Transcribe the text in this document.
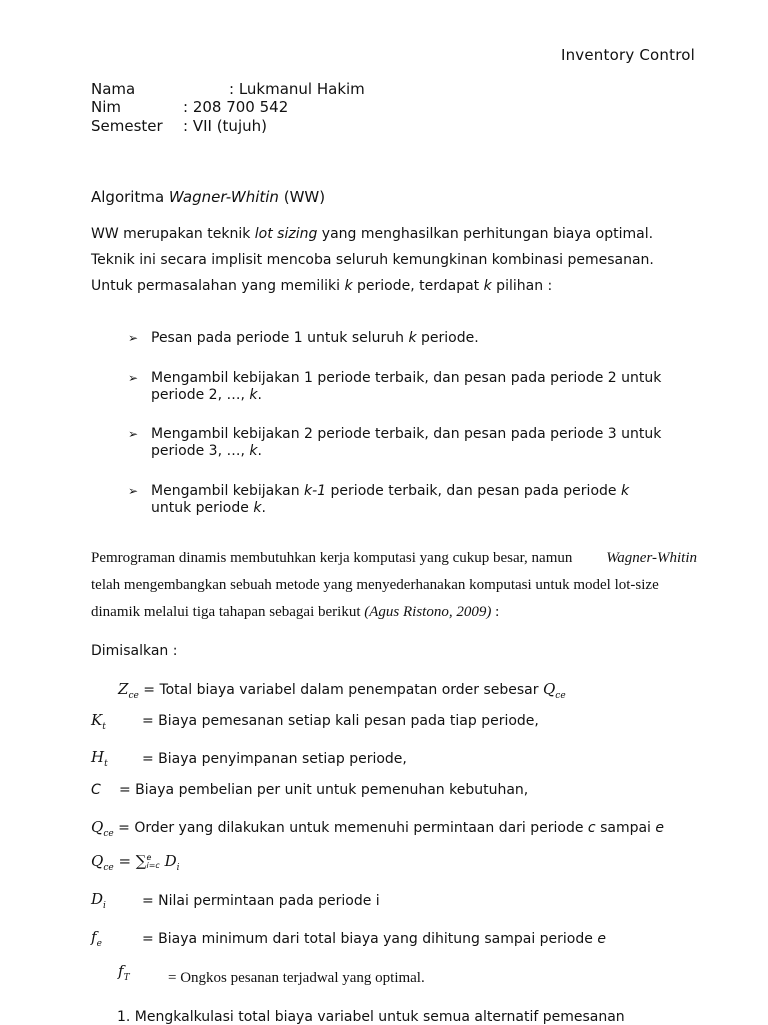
Inventory Control
Nama	: Lukmanul Hakim
Nim	: 208 700 542
Semester : VII (tujuh)
Algoritma Wagner-Whitin (WW)
WW merupakan teknik lot sizing yang menghasilkan perhitungan biaya optimal.
Teknik ini secara implisit mencoba seluruh kemungkinan kombinasi pemesanan.
Untuk permasalahan yang memiliki k periode, terdapat k pilihan :
➢ Pesan pada periode 1 untuk seluruh k periode.
➢ Mengambil kebijakan 1 periode terbaik, dan pesan pada periode 2 untuk
periode 2, …, k.
➢ Mengambil kebijakan 2 periode terbaik, dan pesan pada periode 3 untuk
periode 3, …, k.
➢ Mengambil kebijakan k-1 periode terbaik, dan pesan pada periode k
untuk periode k.
Pemrograman dinamis membutuhkan kerja komputasi yang cukup besar, namun Wagner-Whitin
telah mengembangkan sebuah metode yang menyederhanakan komputasi untuk model lot-size
dinamik melalui tiga tahapan sebagai berikut (Agus Ristono, 2009) :
Dimisalkan :
$Z_{ce}$ = Total biaya variabel dalam penempatan order sebesar $Q_{ce}$
$K_t$	= Biaya pemesanan setiap kali pesan pada tiap periode,
$H_t$ = Biaya penyimpanan setiap periode,
C = Biaya pembelian per unit untuk pemenuhan kebutuhan,
$Q_{ce}$ = Order yang dilakukan untuk memenuhi permintaan dari periode c sampai e
$Q_{ce}$ = ∑ e
i=c $D_i$
$D_i$	= Nilai permintaan pada periode i
$f_e$	= Biaya minimum dari total biaya yang dihitung sampai periode e
$f_T$	= Ongkos pesanan terjadwal yang optimal.
1. Mengkalkulasi total biaya variabel untuk semua alternatif pemesanan
